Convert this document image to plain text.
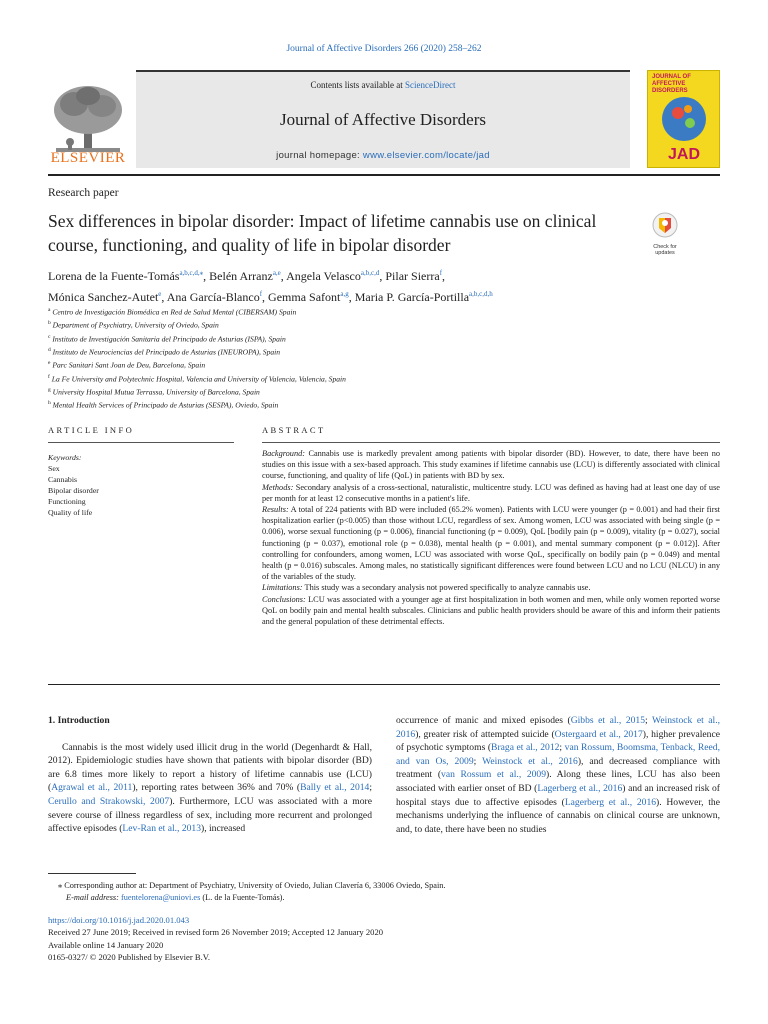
Journal of Affective Disorders 266 (2020) 258–262
ELSEVIER
Contents lists available at ScienceDirect
Journal of Affective Disorders
journal homepage: www.elsevier.com/locate/jad
JOURNAL OF AFFECTIVE DISORDERS
JAD
Research paper
Sex differences in bipolar disorder: Impact of lifetime cannabis use on clinical course, functioning, and quality of life in bipolar disorder	Check for updates
Lorena de la Fuente-Tomás$^{a,b,c,d,⁎}$, Belén Arranz$^{a,e}$, Angela Velasco$^{a,b,c,d}$, Pilar Sierra$^f$,
Mónica Sanchez-Autet$^e$, Ana García-Blanco$^f$, Gemma Safont$^{a,g}$, Maria P. García-Portilla$^{a,b,c,d,h}$
$^a$ Centro de Investigación Biomédica en Red de Salud Mental (CIBERSAM) Spain
$^b$ Department of Psychiatry, University of Oviedo, Spain
$^c$ Instituto de Investigación Sanitaria del Principado de Asturias (ISPA), Spain
$^d$ Instituto de Neurociencias del Principado de Asturias (INEUROPA), Spain
$^e$ Parc Sanitari Sant Joan de Deu, Barcelona, Spain
$^f$ La Fe University and Polytechnic Hospital, Valencia and University of Valencia, Valencia, Spain
$^g$ University Hospital Mutua Terrassa, University of Barcelona, Spain
$^h$ Mental Health Services of Principado de Asturias (SESPA), Oviedo, Spain
ARTICLE INFO	ABSTRACT
Keywords:
Sex
Cannabis
Bipolar disorder
Functioning
Quality of life

Background: Cannabis use is markedly prevalent among patients with bipolar disorder (BD). However, to date, there have been no studies on this issue with a sex-based approach. This study examines if lifetime cannabis use (LCU) is differently associated with clinical course, functioning, and quality of life (QoL) in patients with BD by sex.

Methods: Secondary analysis of a cross-sectional, naturalistic, multicentre study. LCU was defined as having had at least one day of use per month for at least 12 consecutive months in a patient's life.

Results: A total of 224 patients with BD were included (65.2% women). Patients with LCU were younger (p = 0.001) and had their first hospitalization earlier (p<0.005) than those without LCU, regardless of sex. Among women, LCU was associated with being single (p = 0.006), worse sexual functioning (p = 0.006), financial functioning (p = 0.009), QoL [bodily pain (p = 0.009), vitality (p = 0.027), social functioning (p = 0.037), emotional role (p = 0.038), mental health (p = 0.001), and mental summary component (p = 0.012)]. After controlling for confounders, among women, LCU was associated with worse QoL, specifically on bodily pain (p = 0.049) and mental health (p = 0.016) subscales. Among males, no statistically significant differences were found between LCU and no LCU (NLCU) in any of the variables of the study.

Limitations: This study was a secondary analysis not powered specifically to analyze cannabis use.

Conclusions: LCU was associated with a younger age at first hospitalization in both women and men, while only women reported worse QoL on bodily pain and mental health subscales. Clinicians and public health providers should be aware of this and inform their patients and the general population of these detrimental effects.

1. Introduction

Cannabis is the most widely used illicit drug in the world (Degenhardt & Hall, 2012). Epidemiologic studies have shown that patients with bipolar disorder (BD) are 6.8 times more likely to report a history of lifetime cannabis use (LCU) (Agrawal et al., 2011), reporting rates between 36% and 70% (Bally et al., 2014; Cerullo and Strakowski, 2007). Furthermore, LCU was associated with a more severe course of illness regardless of sex, including more recurrent and prolonged affective episodes (Lev-Ran et al., 2013), increased

occurrence of manic and mixed episodes (Gibbs et al., 2015; Weinstock et al., 2016), greater risk of attempted suicide (Ostergaard et al., 2017), higher prevalence of psychotic symptoms (Braga et al., 2012; van Rossum, Boomsma, Tenback, Reed, and van Os, 2009; Weinstock et al., 2016), and decreased compliance with treatment (van Rossum et al., 2009). Along these lines, LCU has also been associated with earlier onset of BD (Lagerberg et al., 2016) and an increased risk of hospital stays due to affective episodes (Lagerberg et al., 2016). However, the mechanisms underlying the influence of cannabis on clinical course are unknown, and, to date, there have been no studies

⁎ Corresponding author at: Department of Psychiatry, University of Oviedo, Julian Clavería 6, 33006 Oviedo, Spain.
E-mail address: fuentelorena@uniovi.es (L. de la Fuente-Tomás).
https://doi.org/10.1016/j.jad.2020.01.043
Received 27 June 2019; Received in revised form 26 November 2019; Accepted 12 January 2020
Available online 14 January 2020
0165-0327/ © 2020 Published by Elsevier B.V.
